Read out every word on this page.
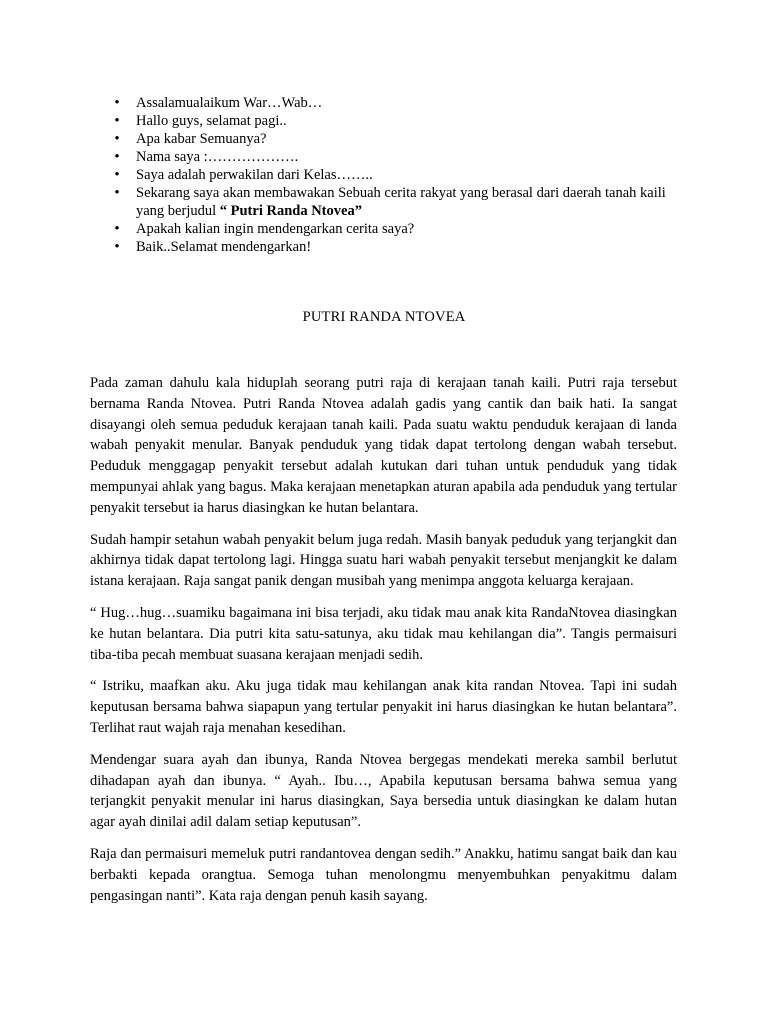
• Assalamualaikum War…Wab…
• Hallo guys, selamat pagi..
• Apa kabar Semuanya?
• Nama saya :……………….
• Saya adalah perwakilan dari Kelas……..
• Sekarang saya akan membawakan Sebuah cerita rakyat yang berasal dari daerah tanah kaili yang berjudul “ Putri Randa Ntovea”
• Apakah kalian ingin mendengarkan cerita saya?
• Baik..Selamat mendengarkan!
PUTRI RANDA NTOVEA

Pada zaman dahulu kala hiduplah seorang putri raja di kerajaan tanah kaili. Putri raja tersebut bernama Randa Ntovea. Putri Randa Ntovea adalah gadis yang cantik dan baik hati. Ia sangat disayangi oleh semua peduduk kerajaan tanah kaili. Pada suatu waktu penduduk kerajaan di landa wabah penyakit menular. Banyak penduduk yang tidak dapat tertolong dengan wabah tersebut. Peduduk menggagap penyakit tersebut adalah kutukan dari tuhan untuk penduduk yang tidak mempunyai ahlak yang bagus. Maka kerajaan menetapkan aturan apabila ada penduduk yang tertular penyakit tersebut ia harus diasingkan ke hutan belantara.

Sudah hampir setahun wabah penyakit belum juga redah. Masih banyak peduduk yang terjangkit dan akhirnya tidak dapat tertolong lagi. Hingga suatu hari wabah penyakit tersebut menjangkit ke dalam istana kerajaan. Raja sangat panik dengan musibah yang menimpa anggota keluarga kerajaan.

“ Hug…hug…suamiku bagaimana ini bisa terjadi, aku tidak mau anak kita RandaNtovea diasingkan ke hutan belantara. Dia putri kita satu-satunya, aku tidak mau kehilangan dia”. Tangis permaisuri tiba-tiba pecah membuat suasana kerajaan menjadi sedih.

“ Istriku, maafkan aku. Aku juga tidak mau kehilangan anak kita randan Ntovea. Tapi ini sudah keputusan bersama bahwa siapapun yang tertular penyakit ini harus diasingkan ke hutan belantara”. Terlihat raut wajah raja menahan kesedihan.

Mendengar suara ayah dan ibunya, Randa Ntovea bergegas mendekati mereka sambil berlutut dihadapan ayah dan ibunya. “ Ayah.. Ibu…, Apabila keputusan bersama bahwa semua yang terjangkit penyakit menular ini harus diasingkan, Saya bersedia untuk diasingkan ke dalam hutan agar ayah dinilai adil dalam setiap keputusan”.

Raja dan permaisuri memeluk putri randantovea dengan sedih.” Anakku, hatimu sangat baik dan kau berbakti kepada orangtua. Semoga tuhan menolongmu menyembuhkan penyakitmu dalam pengasingan nanti”. Kata raja dengan penuh kasih sayang.
